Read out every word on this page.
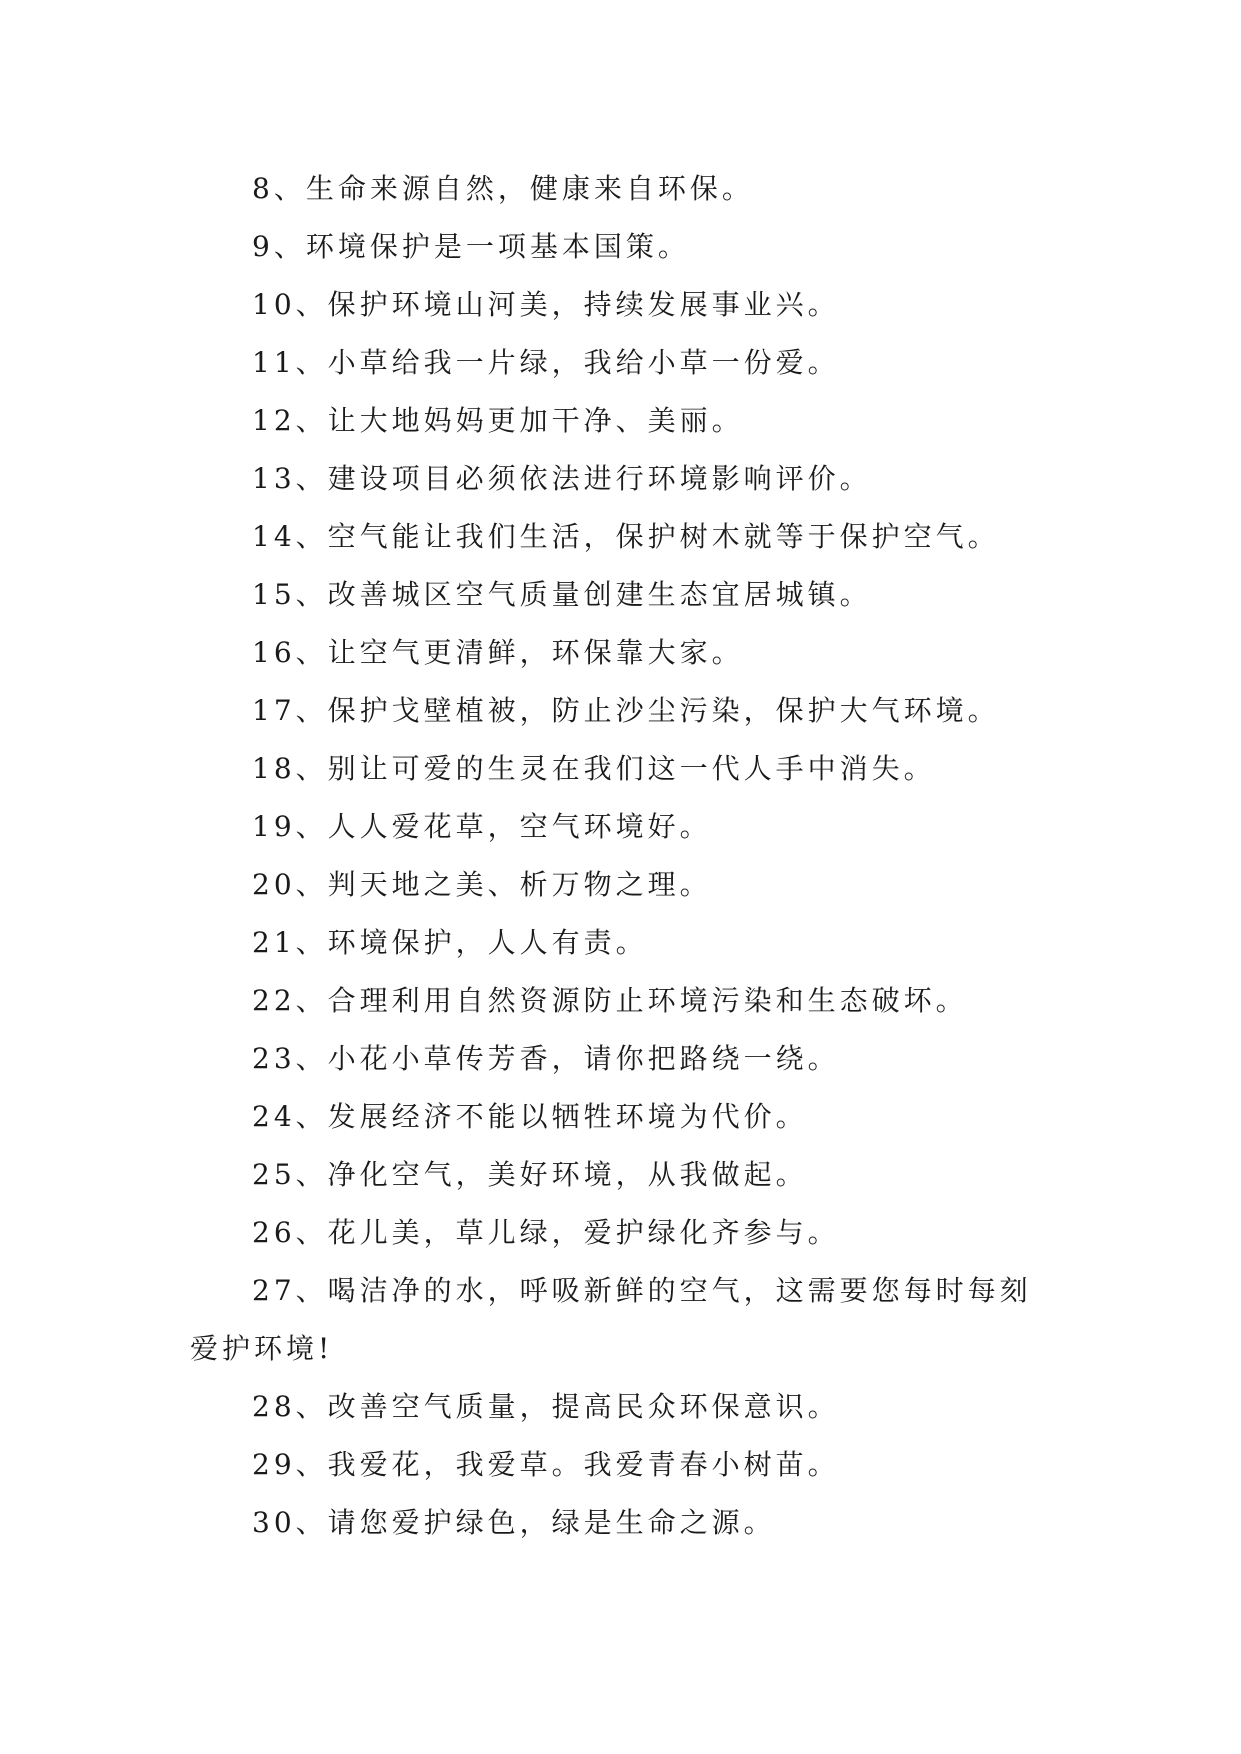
8、生命来源自然，健康来自环保。

9、环境保护是一项基本国策。

10、保护环境山河美，持续发展事业兴。

11、小草给我一片绿，我给小草一份爱。

12、让大地妈妈更加干净、美丽。

13、建设项目必须依法进行环境影响评价。

14、空气能让我们生活，保护树木就等于保护空气。

15、改善城区空气质量创建生态宜居城镇。

16、让空气更清鲜，环保靠大家。

17、保护戈壁植被，防止沙尘污染，保护大气环境。

18、别让可爱的生灵在我们这一代人手中消失。

19、人人爱花草，空气环境好。

20、判天地之美、析万物之理。

21、环境保护，人人有责。

22、合理利用自然资源防止环境污染和生态破坏。

23、小花小草传芳香，请你把路绕一绕。

24、发展经济不能以牺牲环境为代价。

25、净化空气，美好环境，从我做起。

26、花儿美，草儿绿，爱护绿化齐参与。

27、喝洁净的水，呼吸新鲜的空气，这需要您每时每刻爱护环境!

28、改善空气质量，提高民众环保意识。

29、我爱花，我爱草。我爱青春小树苗。

30、请您爱护绿色，绿是生命之源。
